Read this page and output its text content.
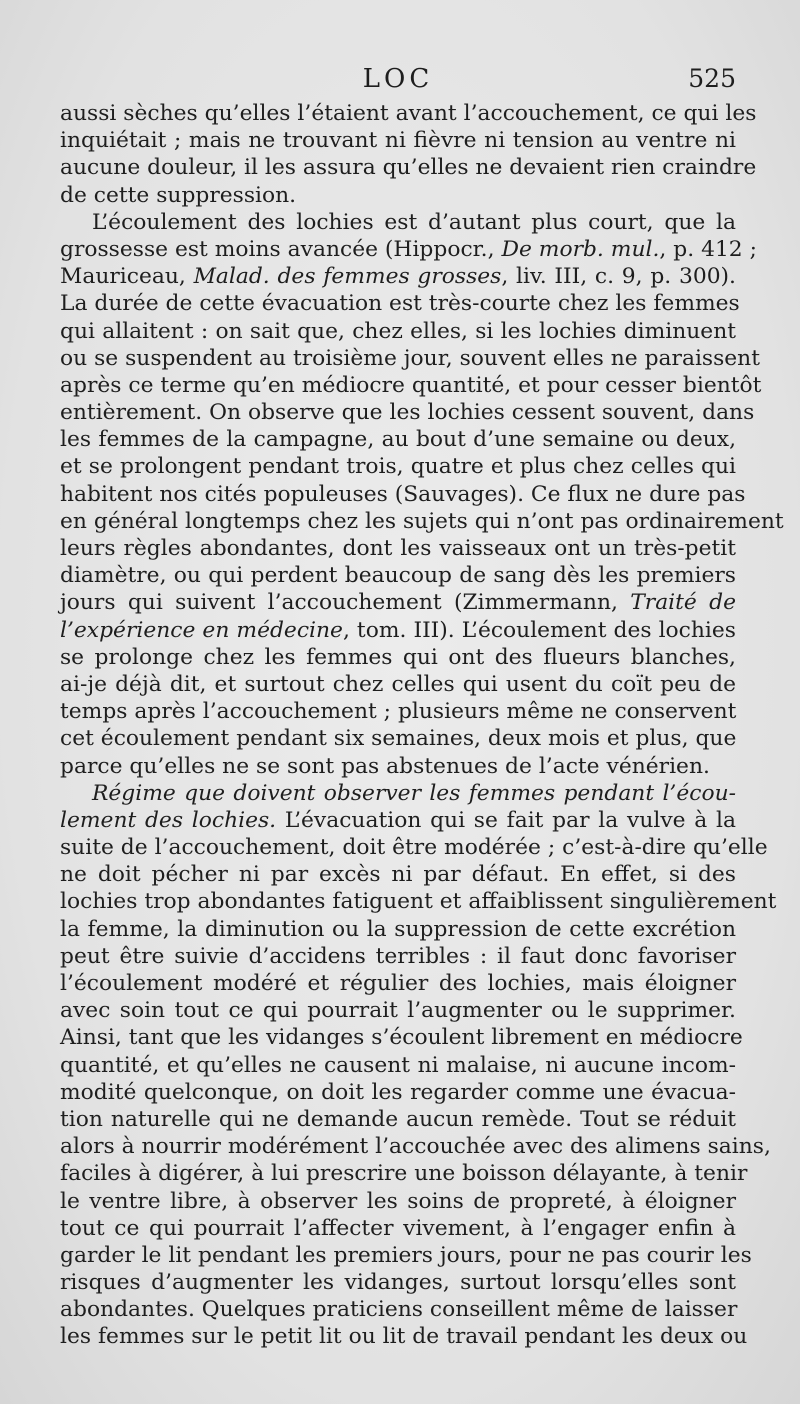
LOC	525
aussi sèches qu’elles l’étaient avant l’accouchement, ce qui les
inquiétait ; mais ne trouvant ni fièvre ni tension au ventre ni
aucune douleur, il les assura qu’elles ne devaient rien craindre
de cette suppression.
L’écoulement des lochies est d’autant plus court, que la
grossesse est moins avancée (Hippocr., De morb. mul., p. 412 ;
Mauriceau, Malad. des femmes grosses, liv. III, c. 9, p. 300).
La durée de cette évacuation est très-courte chez les femmes
qui allaitent : on sait que, chez elles, si les lochies diminuent
ou se suspendent au troisième jour, souvent elles ne paraissent
après ce terme qu’en médiocre quantité, et pour cesser bientôt
entièrement. On observe que les lochies cessent souvent, dans
les femmes de la campagne, au bout d’une semaine ou deux,
et se prolongent pendant trois, quatre et plus chez celles qui
habitent nos cités populeuses (Sauvages). Ce flux ne dure pas
en général longtemps chez les sujets qui n’ont pas ordinairement
leurs règles abondantes, dont les vaisseaux ont un très-petit
diamètre, ou qui perdent beaucoup de sang dès les premiers
jours qui suivent l’accouchement (Zimmermann, Traité de
l’expérience en médecine, tom. III). L’écoulement des lochies
se prolonge chez les femmes qui ont des flueurs blanches,
ai-je déjà dit, et surtout chez celles qui usent du coït peu de
temps après l’accouchement ; plusieurs même ne conservent
cet écoulement pendant six semaines, deux mois et plus, que
parce qu’elles ne se sont pas abstenues de l’acte vénérien.
Régime que doivent observer les femmes pendant l’écou-
lement des lochies. L’évacuation qui se fait par la vulve à la
suite de l’accouchement, doit être modérée ; c’est-à-dire qu’elle
ne doit pécher ni par excès ni par défaut. En effet, si des
lochies trop abondantes fatiguent et affaiblissent singulièrement
la femme, la diminution ou la suppression de cette excrétion
peut être suivie d’accidens terribles : il faut donc favoriser
l’écoulement modéré et régulier des lochies, mais éloigner
avec soin tout ce qui pourrait l’augmenter ou le supprimer.
Ainsi, tant que les vidanges s’écoulent librement en médiocre
quantité, et qu’elles ne causent ni malaise, ni aucune incom-
modité quelconque, on doit les regarder comme une évacua-
tion naturelle qui ne demande aucun remède. Tout se réduit
alors à nourrir modérément l’accouchée avec des alimens sains,
faciles à digérer, à lui prescrire une boisson délayante, à tenir
le ventre libre, à observer les soins de propreté, à éloigner
tout ce qui pourrait l’affecter vivement, à l’engager enfin à
garder le lit pendant les premiers jours, pour ne pas courir les
risques d’augmenter les vidanges, surtout lorsqu’elles sont
abondantes. Quelques praticiens conseillent même de laisser
les femmes sur le petit lit ou lit de travail pendant les deux ou
